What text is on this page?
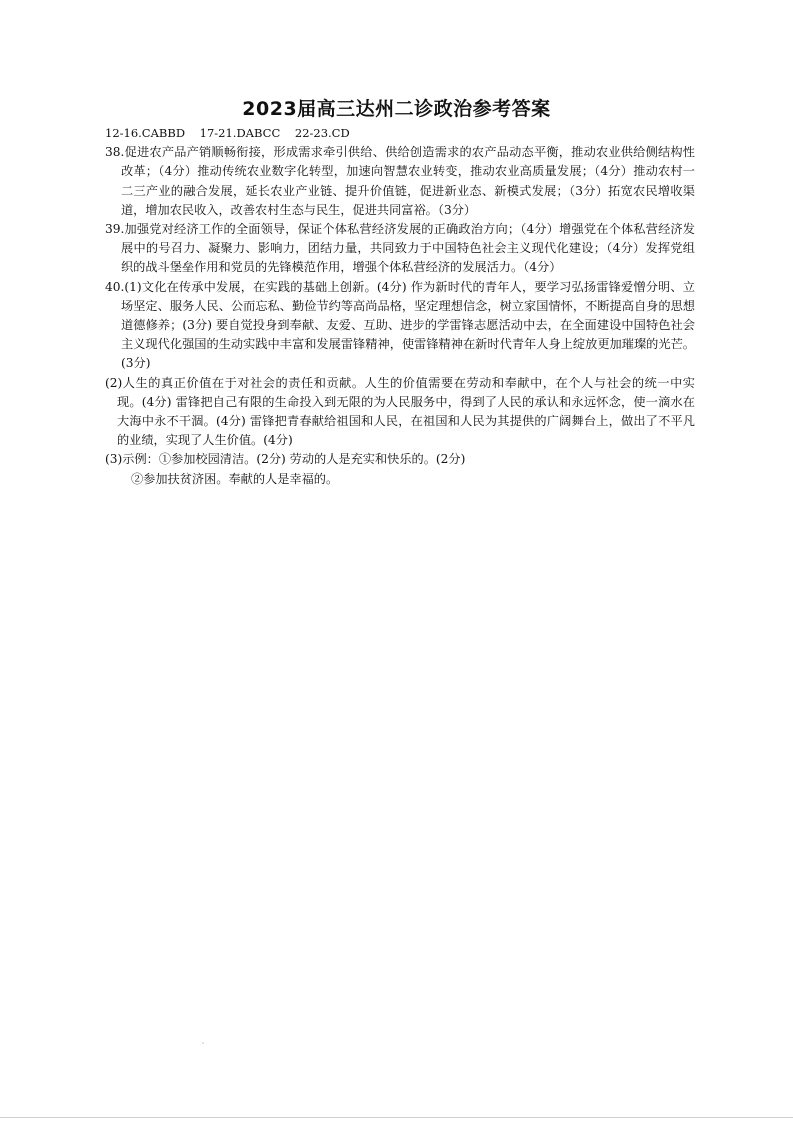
2023届高三达州二诊政治参考答案
12-16.CABBD    17-21.DABCC    22-23.CD

38.促进农产品产销顺畅衔接，形成需求牵引供给、供给创造需求的农产品动态平衡，推动农业供给侧结构性改革；（4分）推动传统农业数字化转型，加速向智慧农业转变，推动农业高质量发展；（4分）推动农村一二三产业的融合发展，延长农业产业链、提升价值链，促进新业态、新模式发展；（3分）拓宽农民增收渠道，增加农民收入，改善农村生态与民生，促进共同富裕。（3分）

39.加强党对经济工作的全面领导，保证个体私营经济发展的正确政治方向；（4分）增强党在个体私营经济发展中的号召力、凝聚力、影响力，团结力量，共同致力于中国特色社会主义现代化建设；（4分）发挥党组织的战斗堡垒作用和党员的先锋模范作用，增强个体私营经济的发展活力。（4分）

40.(1)文化在传承中发展，在实践的基础上创新。(4分) 作为新时代的青年人，要学习弘扬雷锋爱憎分明、立场坚定、服务人民、公而忘私、勤俭节约等高尚品格，坚定理想信念，树立家国情怀，不断提高自身的思想道德修养；(3分) 要自觉投身到奉献、友爱、互助、进步的学雷锋志愿活动中去，在全面建设中国特色社会主义现代化强国的生动实践中丰富和发展雷锋精神，使雷锋精神在新时代青年人身上绽放更加璀璨的光芒。(3分)

(2)人生的真正价值在于对社会的责任和贡献。人生的价值需要在劳动和奉献中，在个人与社会的统一中实现。(4分) 雷锋把自己有限的生命投入到无限的为人民服务中，得到了人民的承认和永远怀念，使一滴水在大海中永不干涸。(4分) 雷锋把青春献给祖国和人民，在祖国和人民为其提供的广阔舞台上，做出了不平凡的业绩，实现了人生价值。(4分)

(3)示例：①参加校园清洁。(2分) 劳动的人是充实和快乐的。(2分)

②参加扶贫济困。奉献的人是幸福的。
